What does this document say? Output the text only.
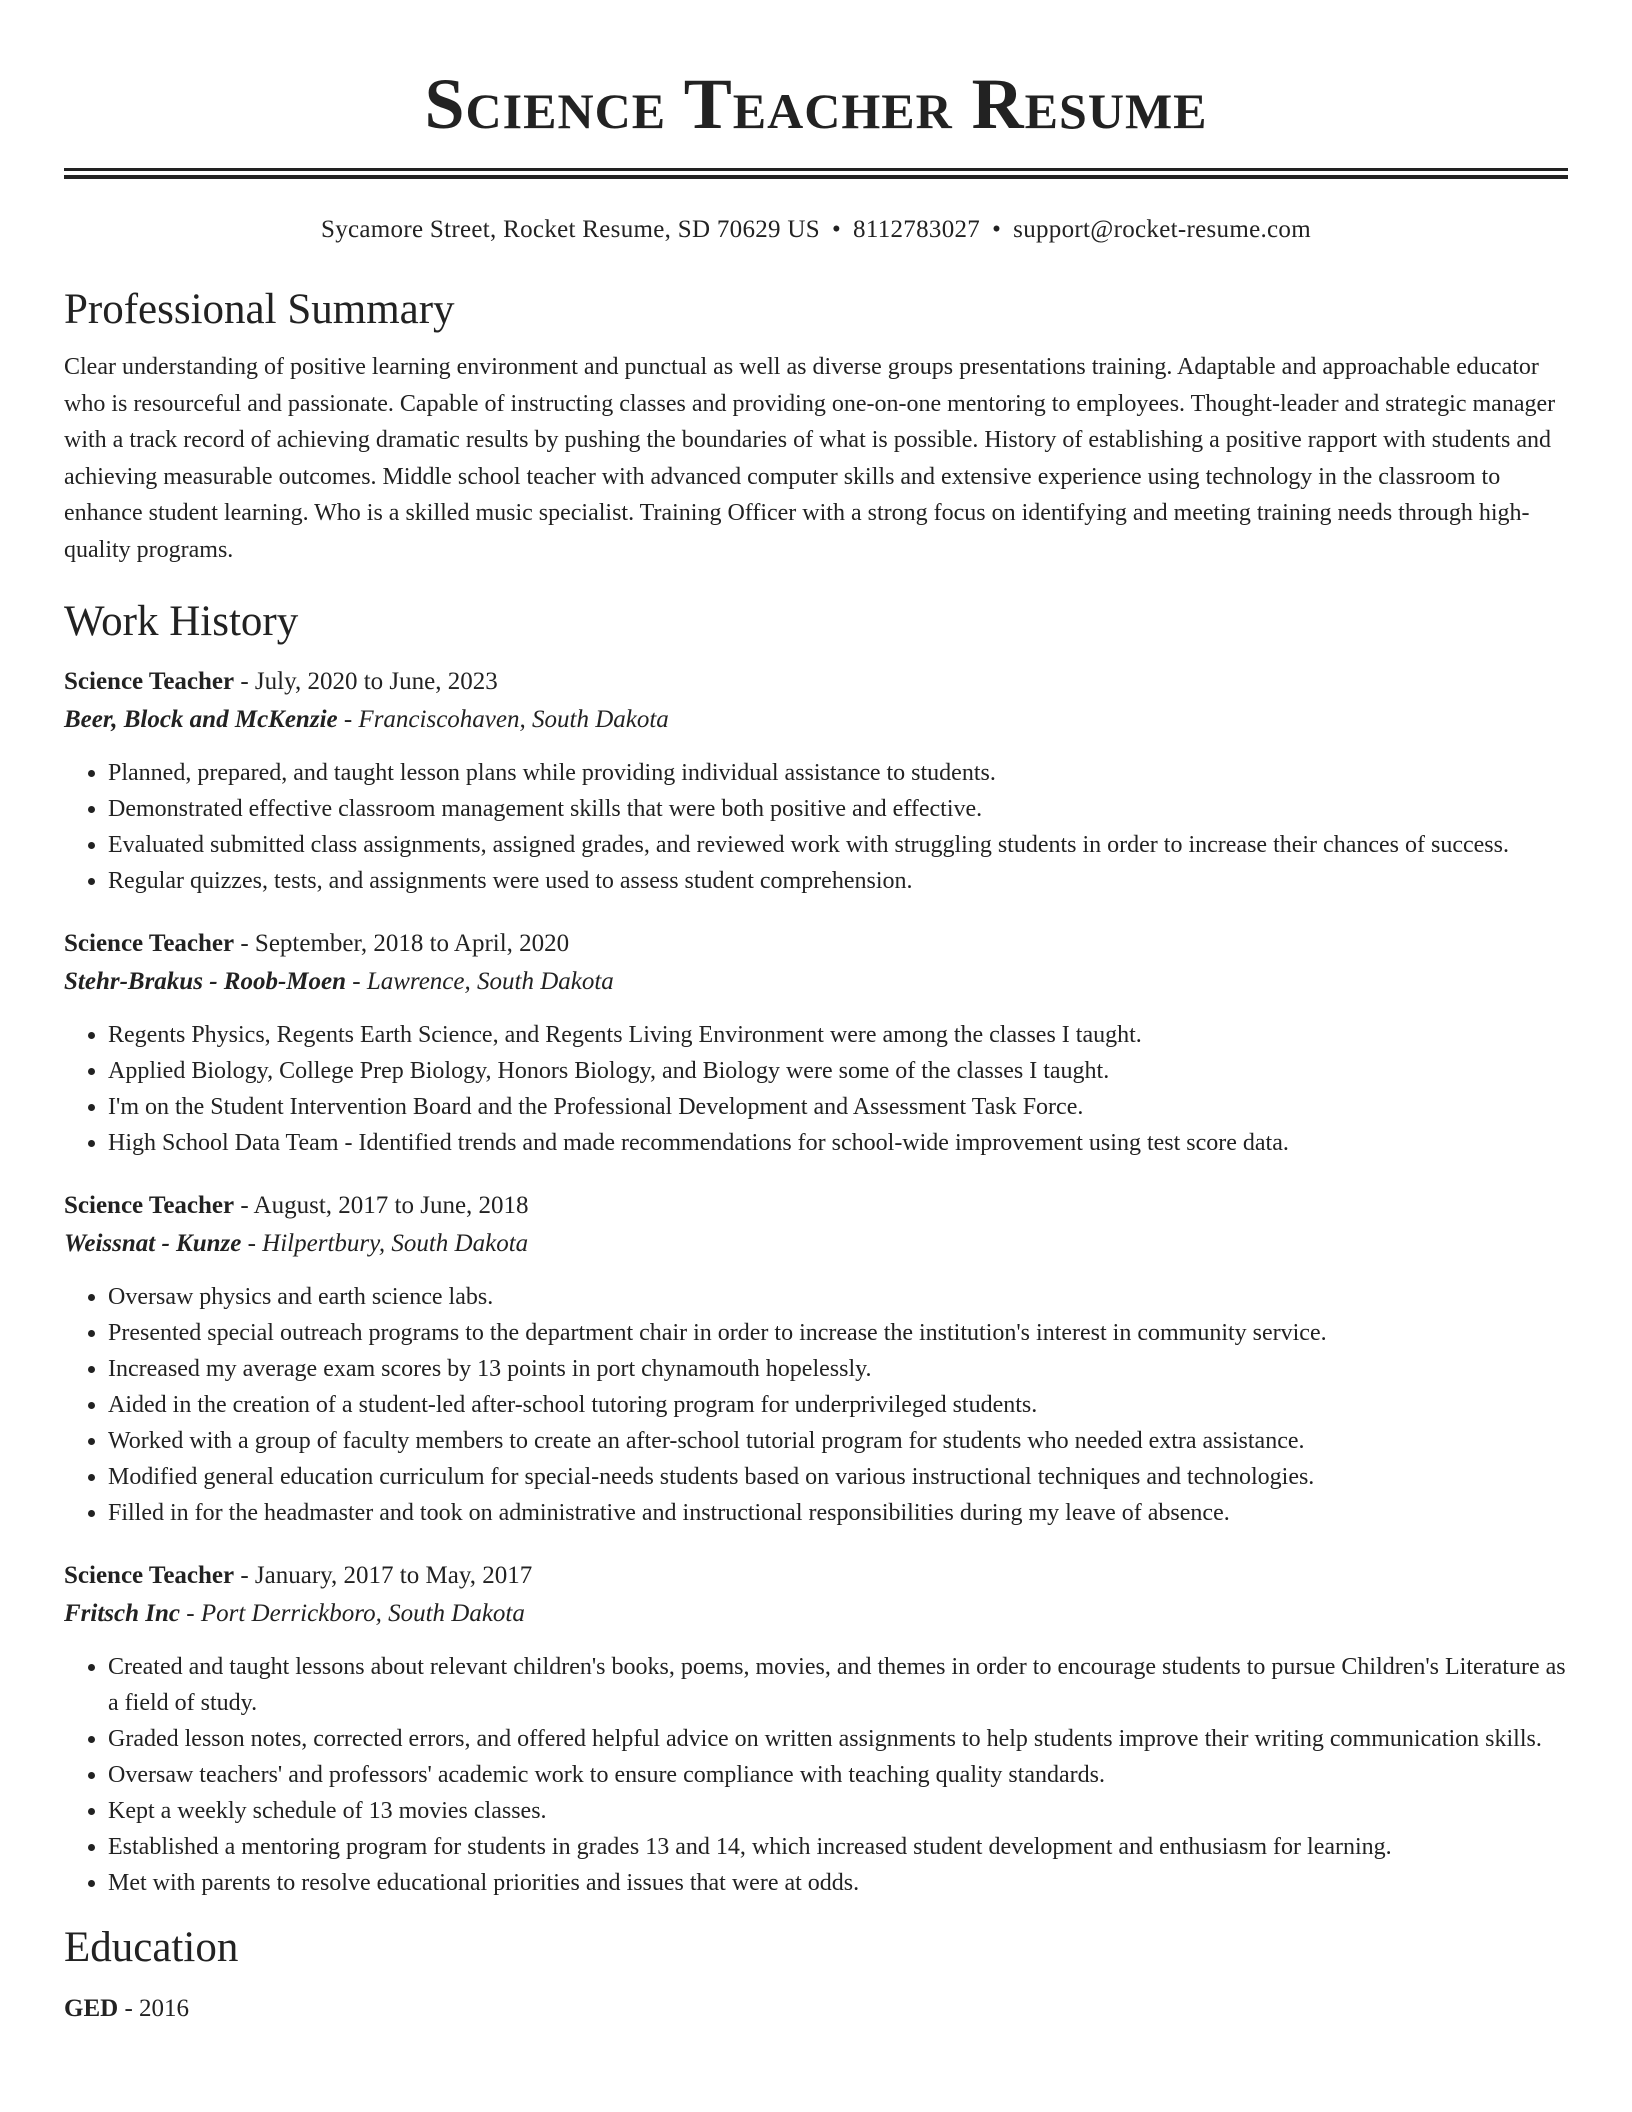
Science Teacher Resume
Sycamore Street, Rocket Resume, SD 70629 US • 8112783027 • support@rocket-resume.com
Professional Summary

Clear understanding of positive learning environment and punctual as well as diverse groups presentations training. Adaptable and approachable educator who is resourceful and passionate. Capable of instructing classes and providing one-on-one mentoring to employees. Thought-leader and strategic manager with a track record of achieving dramatic results by pushing the boundaries of what is possible. History of establishing a positive rapport with students and achieving measurable outcomes. Middle school teacher with advanced computer skills and extensive experience using technology in the classroom to enhance student learning. Who is a skilled music specialist. Training Officer with a strong focus on identifying and meeting training needs through high-quality programs.

Work History
Science Teacher - July, 2020 to June, 2023
Beer, Block and McKenzie - Franciscohaven, South Dakota
• Planned, prepared, and taught lesson plans while providing individual assistance to students.
• Demonstrated effective classroom management skills that were both positive and effective.
• Evaluated submitted class assignments, assigned grades, and reviewed work with struggling students in order to increase their chances of success.
• Regular quizzes, tests, and assignments were used to assess student comprehension.
Science Teacher - September, 2018 to April, 2020
Stehr-Brakus - Roob-Moen - Lawrence, South Dakota
• Regents Physics, Regents Earth Science, and Regents Living Environment were among the classes I taught.
• Applied Biology, College Prep Biology, Honors Biology, and Biology were some of the classes I taught.
• I'm on the Student Intervention Board and the Professional Development and Assessment Task Force.
• High School Data Team - Identified trends and made recommendations for school-wide improvement using test score data.
Science Teacher - August, 2017 to June, 2018
Weissnat - Kunze - Hilpertbury, South Dakota
• Oversaw physics and earth science labs.
• Presented special outreach programs to the department chair in order to increase the institution's interest in community service.
• Increased my average exam scores by 13 points in port chynamouth hopelessly.
• Aided in the creation of a student-led after-school tutoring program for underprivileged students.
• Worked with a group of faculty members to create an after-school tutorial program for students who needed extra assistance.
• Modified general education curriculum for special-needs students based on various instructional techniques and technologies.
• Filled in for the headmaster and took on administrative and instructional responsibilities during my leave of absence.
Science Teacher - January, 2017 to May, 2017
Fritsch Inc - Port Derrickboro, South Dakota
• Created and taught lessons about relevant children's books, poems, movies, and themes in order to encourage students to pursue Children's Literature as a field of study.
• Graded lesson notes, corrected errors, and offered helpful advice on written assignments to help students improve their writing communication skills.
• Oversaw teachers' and professors' academic work to ensure compliance with teaching quality standards.
• Kept a weekly schedule of 13 movies classes.
• Established a mentoring program for students in grades 13 and 14, which increased student development and enthusiasm for learning.
• Met with parents to resolve educational priorities and issues that were at odds.
Education
GED - 2016
